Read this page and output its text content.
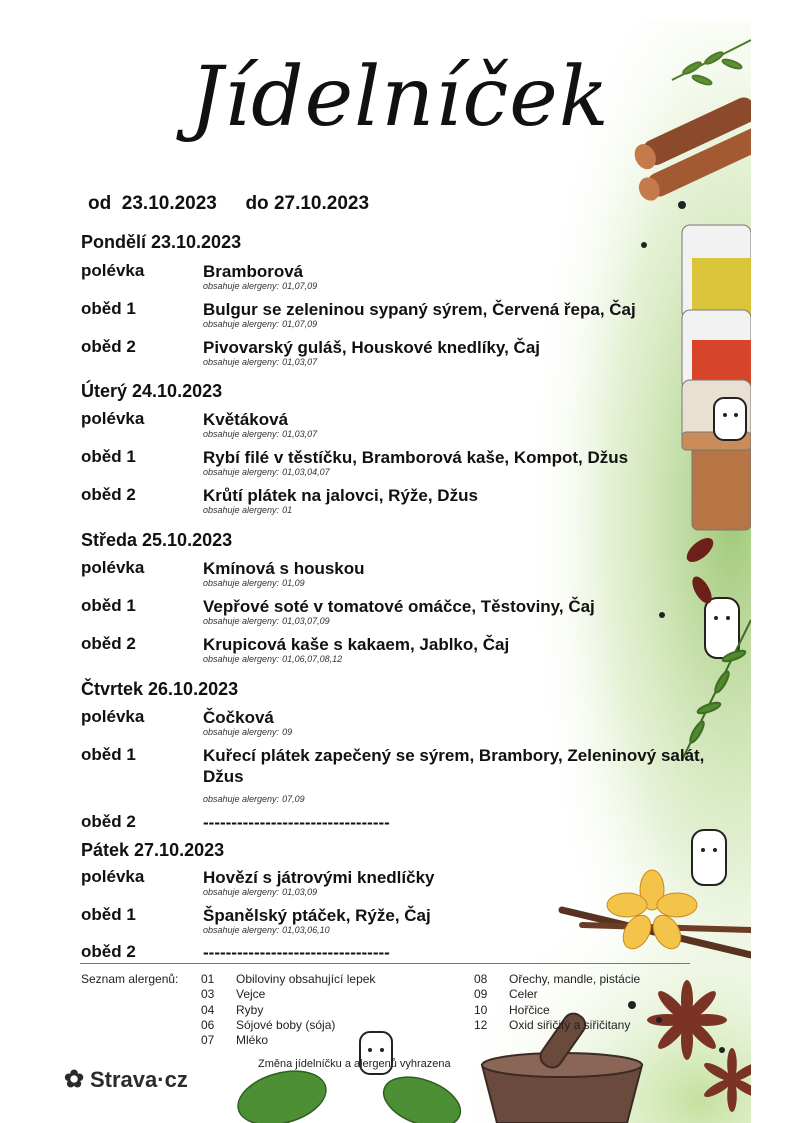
Jídelníček
od 23.10.2023 do 27.10.2023
Pondělí 23.10.2023
polévka	Bramborová
obsahuje alergeny: 01,07,09
oběd 1	Bulgur se zeleninou sypaný sýrem, Červená řepa, Čaj
obsahuje alergeny: 01,07,09
oběd 2	Pivovarský guláš, Houskové knedlíky, Čaj
obsahuje alergeny: 01,03,07
Úterý 24.10.2023
polévka	Květáková
obsahuje alergeny: 01,03,07
oběd 1	Rybí filé v těstíčku, Bramborová kaše, Kompot, Džus
obsahuje alergeny: 01,03,04,07
oběd 2	Krůtí plátek na jalovci, Rýže, Džus
obsahuje alergeny: 01
Středa 25.10.2023
polévka	Kmínová s houskou
obsahuje alergeny: 01,09
oběd 1	Vepřové soté v tomatové omáčce, Těstoviny, Čaj
obsahuje alergeny: 01,03,07,09
oběd 2	Krupicová kaše s kakaem, Jablko, Čaj
obsahuje alergeny: 01,06,07,08,12
Čtvrtek 26.10.2023
polévka	Čočková
obsahuje alergeny: 09
oběd 1	Kuřecí plátek zapečený se sýrem, Brambory, Zeleninový salát, Džus
obsahuje alergeny: 07,09
oběd 2	---------------------------------
Pátek 27.10.2023
polévka	Hovězí s játrovými knedlíčky
obsahuje alergeny: 01,03,09
oběd 1	Španělský ptáček, Rýže, Čaj
obsahuje alergeny: 01,03,06,10
oběd 2	---------------------------------
Seznam alergenů: 01 Obiloviny obsahující lepek
03 Vejce
04 Ryby
06 Sójové boby (sója)
07 Mléko
08 Ořechy, mandle, pistácie
09 Celer
10 Hořčice
12 Oxid siřičitý a siřičitany
Změna jídelníčku a alergenů vyhrazena
✿ Strava·cz
